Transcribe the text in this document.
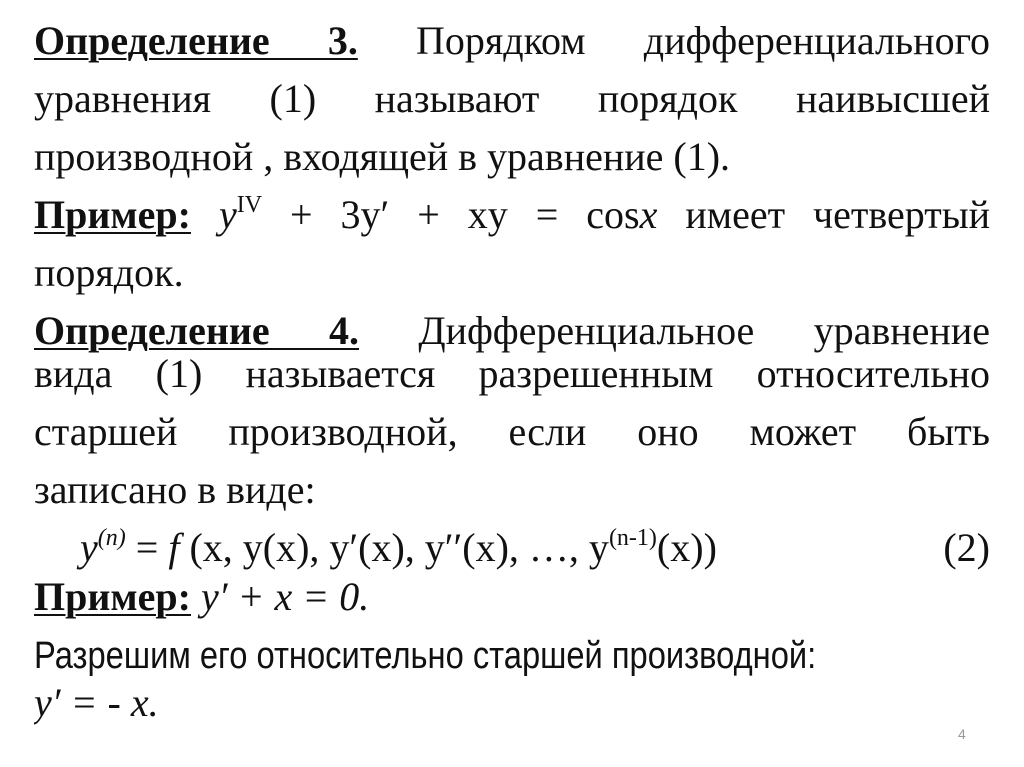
Определение 3. Порядком дифференциального
уравнения (1) называют порядок наивысшей
производной , входящей в уравнение (1).
Пример: $y^{IV} + 3y'$ + xy = cosx имеет четвертый
порядок.
Определение 4. Дифференциальное уравнение
вида (1) называется разрешенным относительно
старшей производной, если оно может быть
записано в виде:
$y^{(n)} = f$ (x, y(x), y′(x), y′′(x), …, $y^{(n-1)}(x)$)	(2)
Пример: y′ + x = 0.
Разрешим его относительно старшей производной:
y′ = - x.
4
